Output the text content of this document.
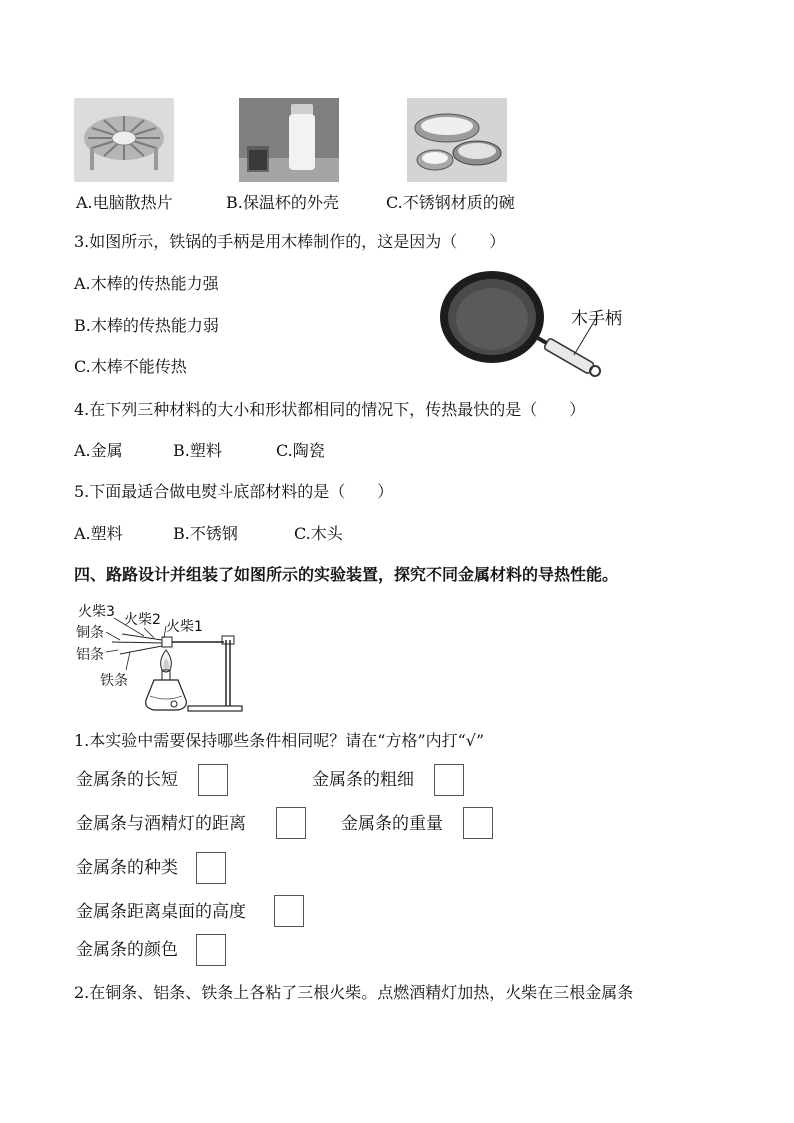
A.电脑散热片	B.保温杯的外壳	C.不锈钢材质的碗
3.如图所示，铁锅的手柄是用木棒制作的，这是因为（　　）
A.木棒的传热能力强
B.木棒的传热能力弱
C.木棒不能传热
木手柄
4.在下列三种材料的大小和形状都相同的情况下，传热最快的是（　　）
A.金属	B.塑料	C.陶瓷
5.下面最适合做电熨斗底部材料的是（　　）
A.塑料	B.不锈钢	C.木头
四、路路设计并组装了如图所示的实验装置，探究不同金属材料的导热性能。
火柴3 火柴2 火柴1
铜条
铝条
铁条
1.本实验中需要保持哪些条件相同呢？请在“方格”内打“√”
金属条的长短	金属条的粗细
金属条与酒精灯的距离	金属条的重量
金属条的种类
金属条距离桌面的高度
金属条的颜色
2.在铜条、铝条、铁条上各粘了三根火柴。点燃酒精灯加热，火柴在三根金属条
